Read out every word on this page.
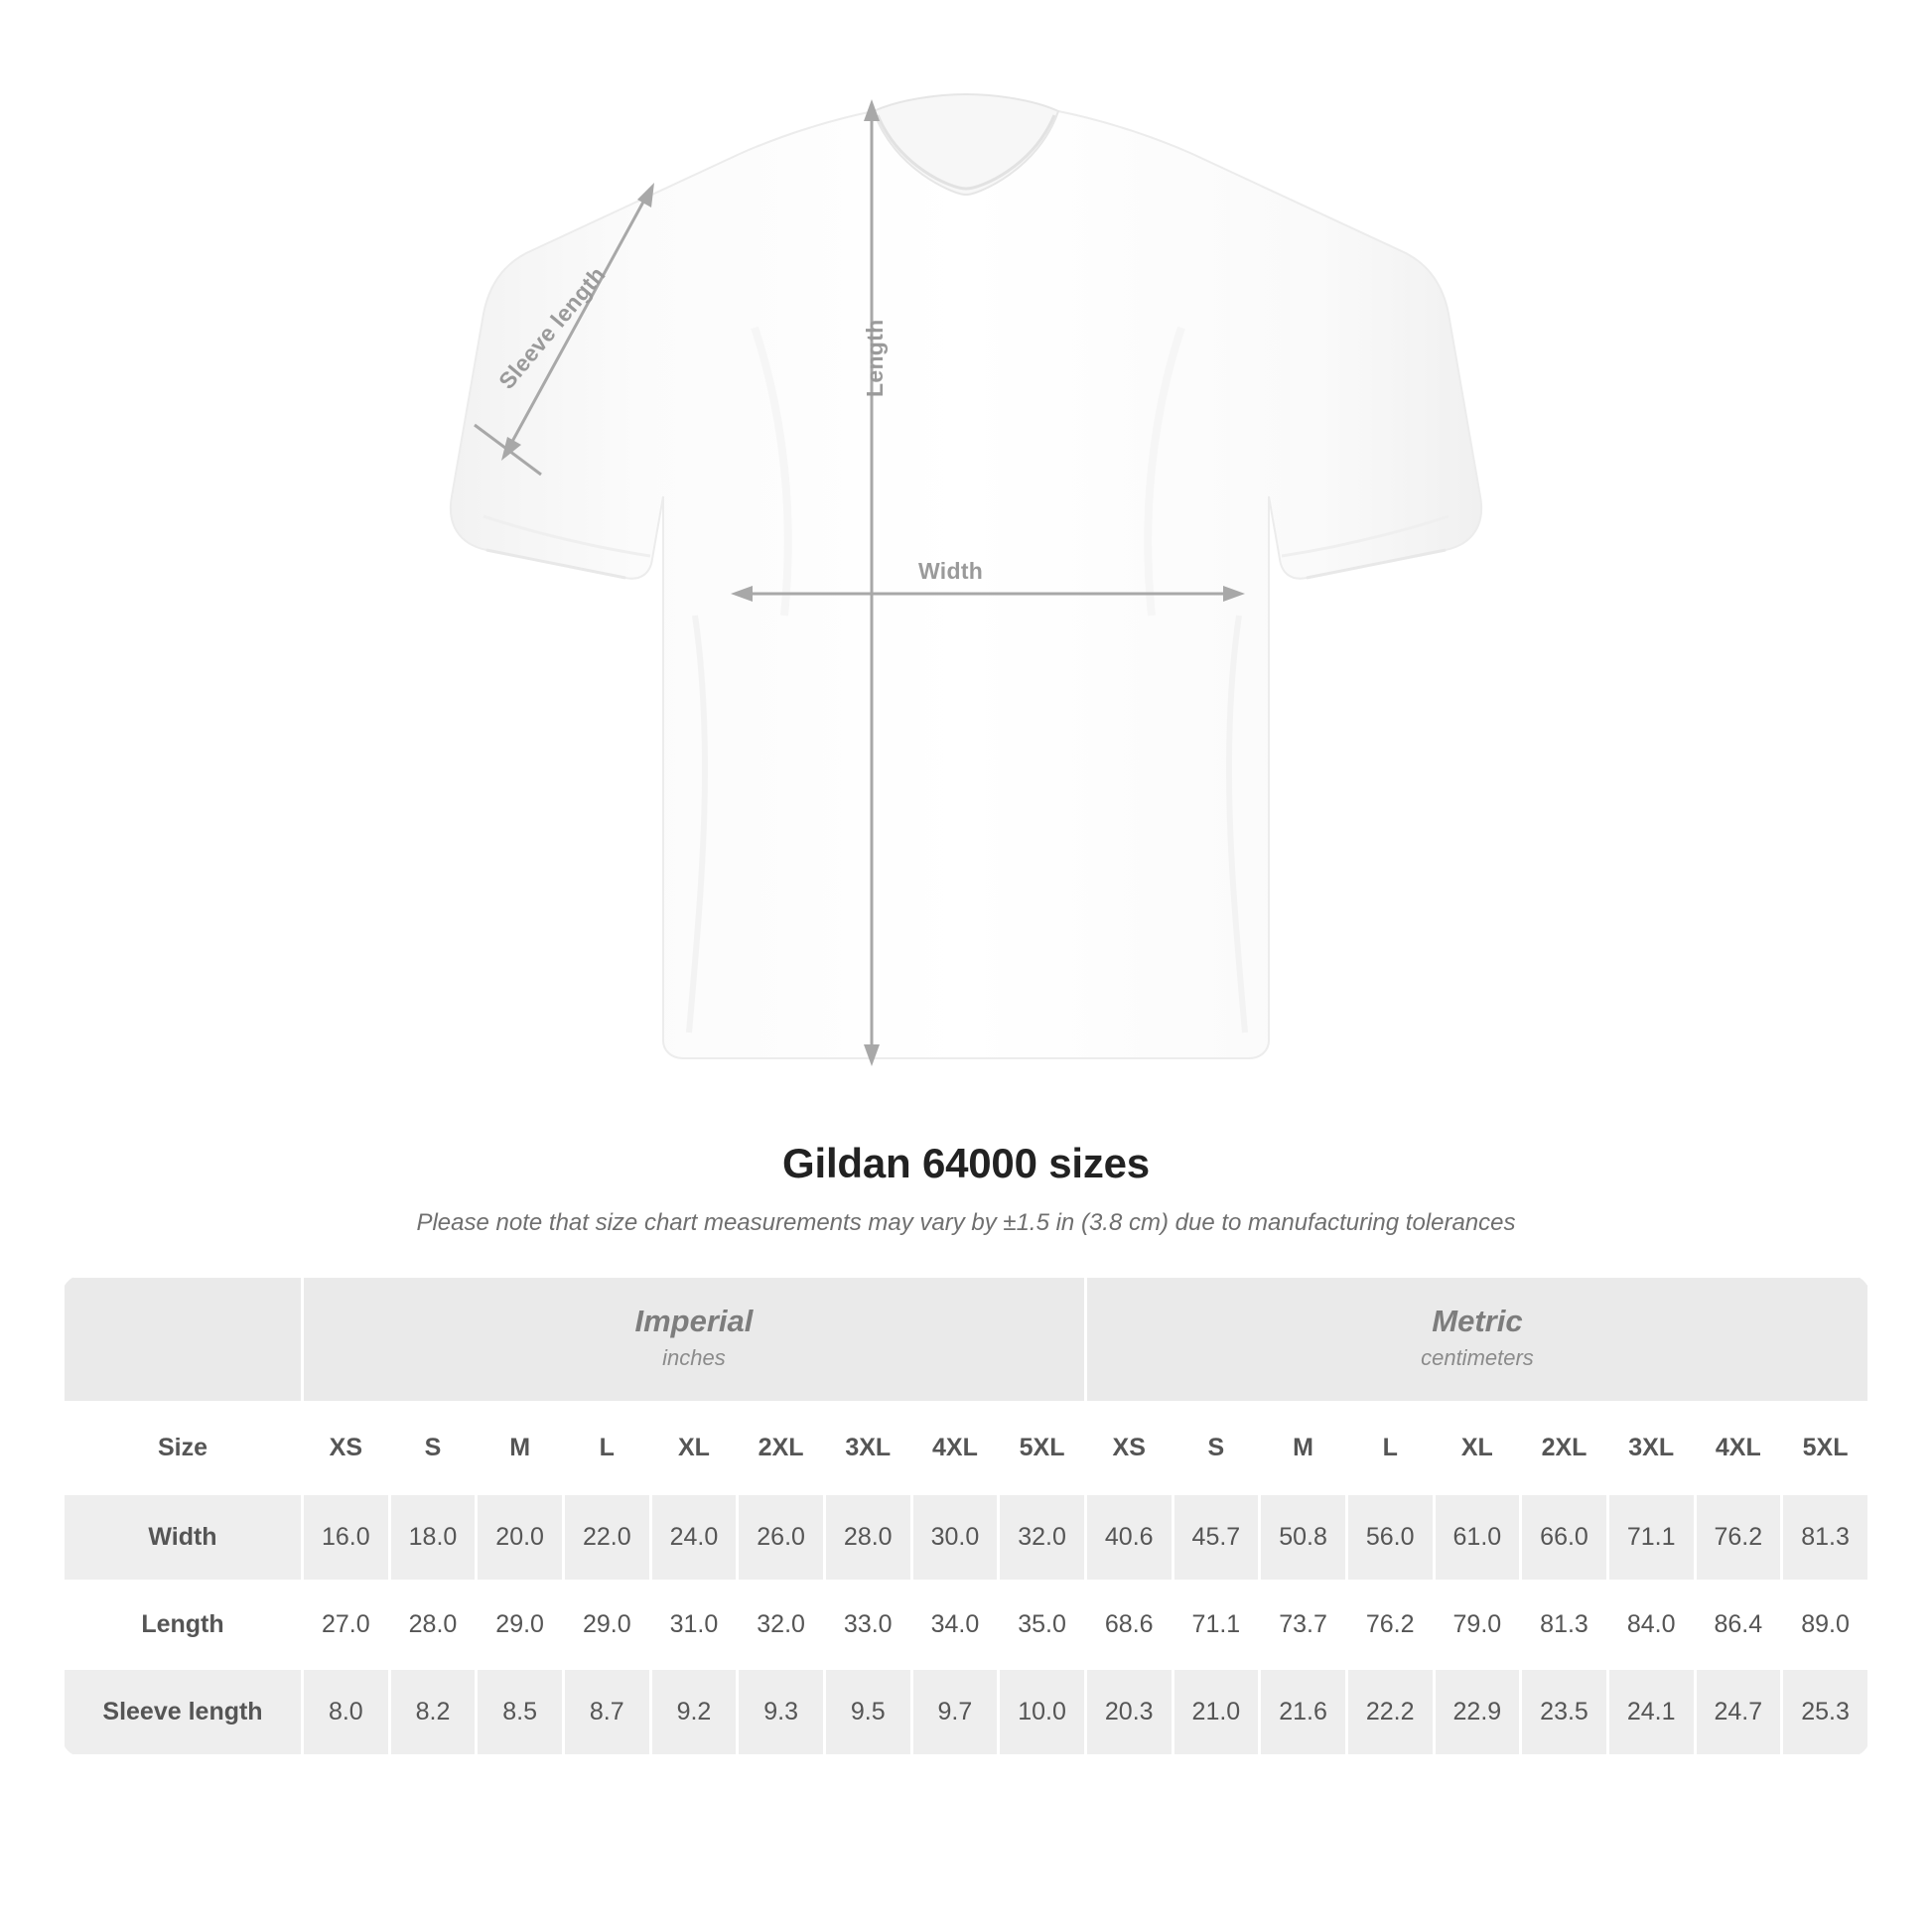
Width
Length
Sleeve length
Gildan 64000 sizes
Please note that size chart measurements may vary by ±1.5 in (3.8 cm) due to manufacturing tolerances

Imperial
inches

Metric
centimeters

Size	XS	S	M	L	XL	2XL	3XL	4XL	5XL	XS	S	M	L	XL	2XL	3XL	4XL	5XL
Width	16.0	18.0	20.0	22.0	24.0	26.0	28.0	30.0	32.0	40.6	45.7	50.8	56.0	61.0	66.0	71.1	76.2	81.3
Length	27.0	28.0	29.0	29.0	31.0	32.0	33.0	34.0	35.0	68.6	71.1	73.7	76.2	79.0	81.3	84.0	86.4	89.0
Sleeve length	8.0	8.2	8.5	8.7	9.2	9.3	9.5	9.7	10.0	20.3	21.0	21.6	22.2	22.9	23.5	24.1	24.7	25.3
